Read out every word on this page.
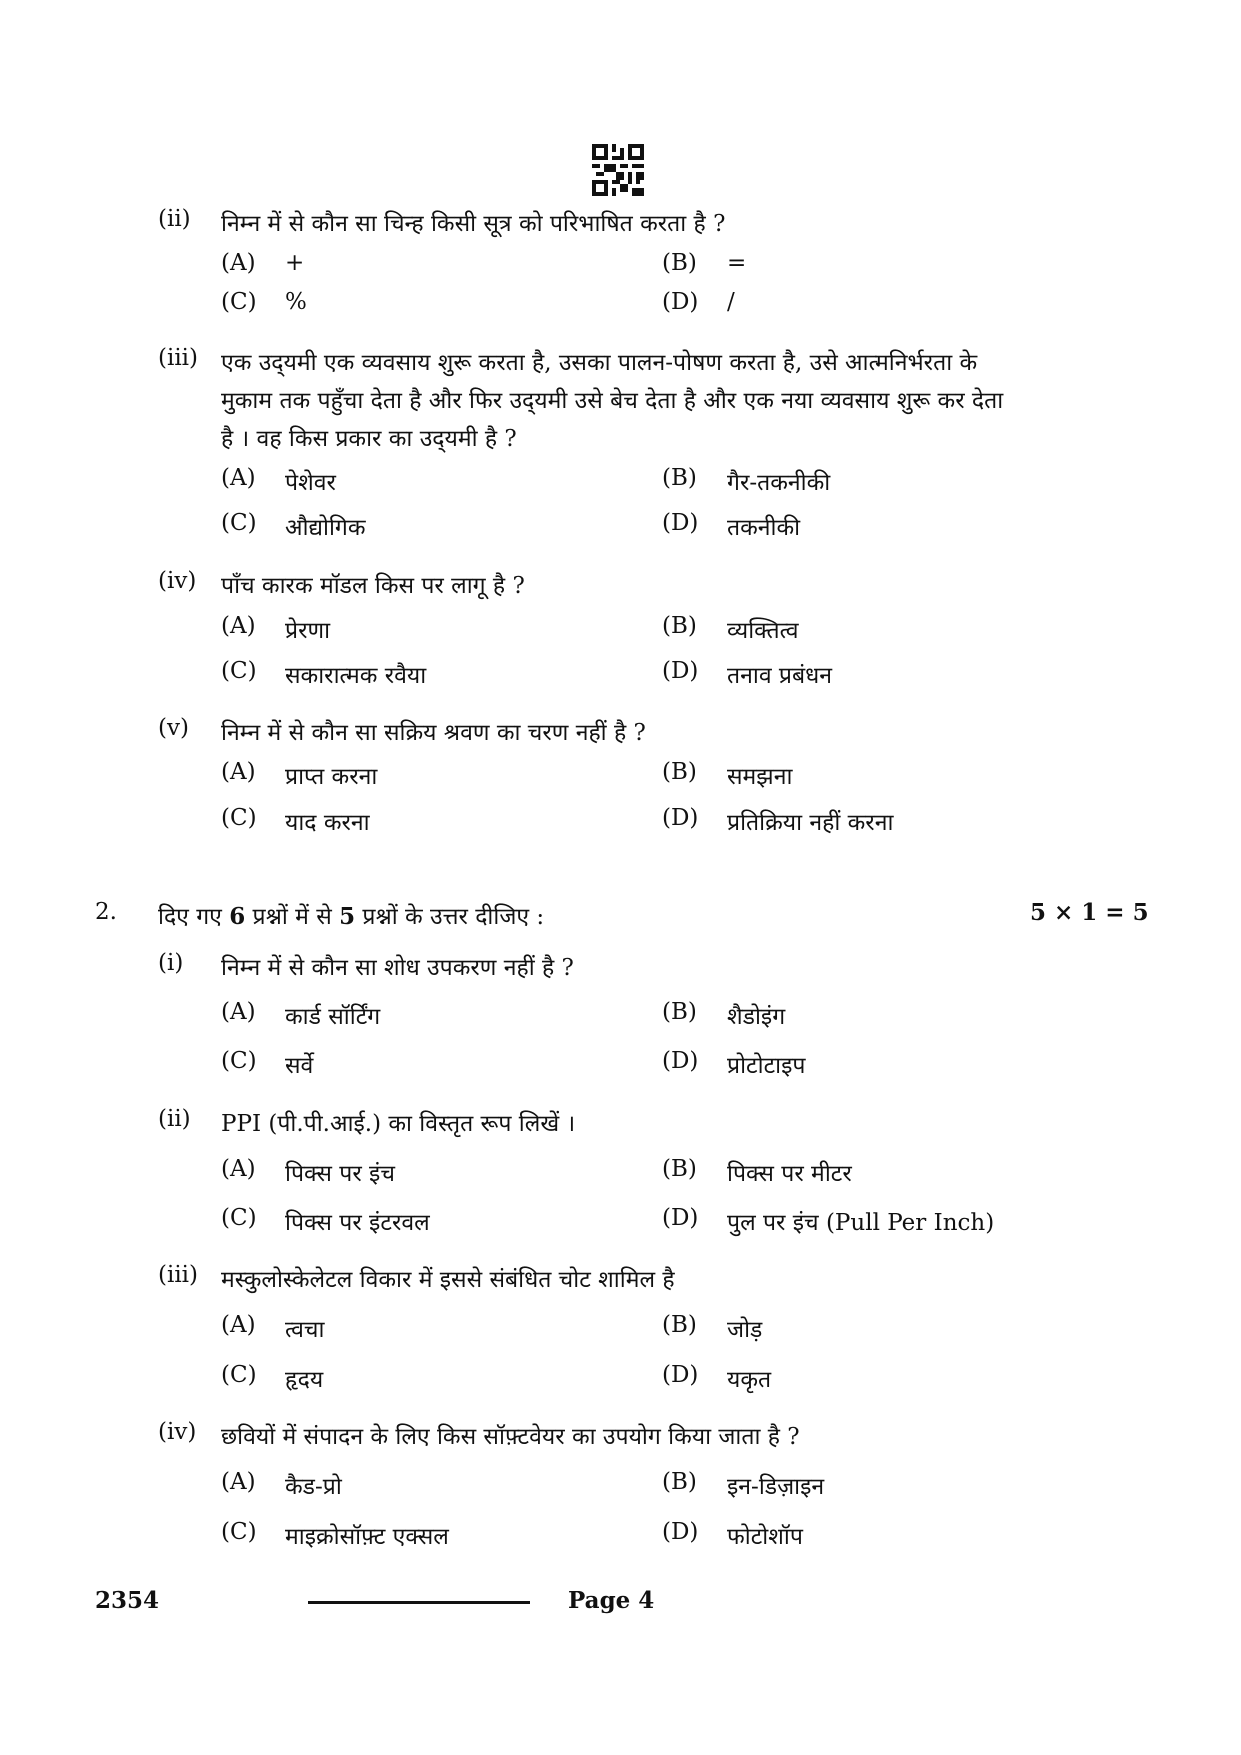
(ii) निम्न में से कौन सा चिन्ह किसी सूत्र को परिभाषित करता है ?
(A) +	(B) =
(C) %	(D) /
(iii) एक उद्‌यमी एक व्यवसाय शुरू करता है, उसका पालन-पोषण करता है, उसे आत्मनिर्भरता के
मुकाम तक पहुँचा देता है और फिर उद्‌यमी उसे बेच देता है और एक नया व्यवसाय शुरू कर देता
है । वह किस प्रकार का उद्‌यमी है ?
(A) पेशेवर	(B) गैर-तकनीकी
(C) औद्योगिक	(D) तकनीकी
(iv) पाँच कारक मॉडल किस पर लागू है ?
(A) प्रेरणा	(B) व्यक्तित्व
(C) सकारात्मक रवैया	(D) तनाव प्रबंधन
(v) निम्न में से कौन सा सक्रिय श्रवण का चरण नहीं है ?
(A) प्राप्त करना	(B) समझना
(C) याद करना	(D) प्रतिक्रिया नहीं करना
2. दिए गए 6 प्रश्नों में से 5 प्रश्नों के उत्तर दीजिए :	5 × 1 = 5
(i) निम्न में से कौन सा शोध उपकरण नहीं है ?
(A) कार्ड सॉर्टिंग	(B) शैडोइंग
(C) सर्वे	(D) प्रोटोटाइप
(ii) PPI (पी.पी.आई.) का विस्तृत रूप लिखें ।
(A) पिक्स पर इंच	(B) पिक्स पर मीटर
(C) पिक्स पर इंटरवल	(D) पुल पर इंच (Pull Per Inch)
(iii) मस्कुलोस्केलेटल विकार में इससे संबंधित चोट शामिल है
(A) त्वचा	(B) जोड़
(C) हृदय	(D) यकृत
(iv) छवियों में संपादन के लिए किस सॉफ़्टवेयर का उपयोग किया जाता है ?
(A) कैड-प्रो	(B) इन-डिज़ाइन
(C) माइक्रोसॉफ़्ट एक्सल	(D) फोटोशॉप
2354	Page 4
